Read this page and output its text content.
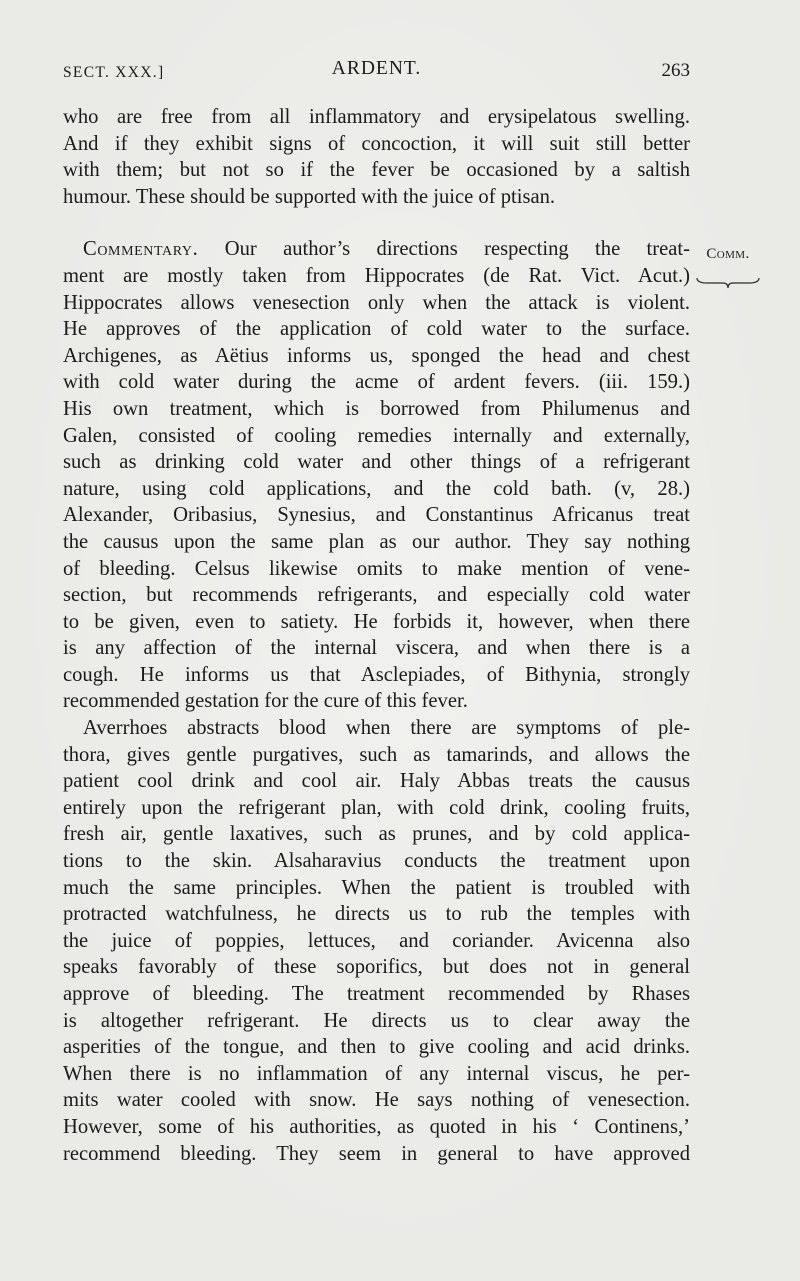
SECT. XXX.]	ARDENT.	263
Comm.
who are free from all inflammatory and erysipelatous swelling.
And if they exhibit signs of concoction, it will suit still better
with them; but not so if the fever be occasioned by a saltish
humour. These should be supported with the juice of ptisan.
Commentary. Our author’s directions respecting the treat-
ment are mostly taken from Hippocrates (de Rat. Vict. Acut.)
Hippocrates allows venesection only when the attack is violent.
He approves of the application of cold water to the surface.
Archigenes, as Aëtius informs us, sponged the head and chest
with cold water during the acme of ardent fevers. (iii. 159.)
His own treatment, which is borrowed from Philumenus and
Galen, consisted of cooling remedies internally and externally,
such as drinking cold water and other things of a refrigerant
nature, using cold applications, and the cold bath. (v, 28.)
Alexander, Oribasius, Synesius, and Constantinus Africanus treat
the causus upon the same plan as our author. They say nothing
of bleeding. Celsus likewise omits to make mention of vene-
section, but recommends refrigerants, and especially cold water
to be given, even to satiety. He forbids it, however, when there
is any affection of the internal viscera, and when there is a
cough. He informs us that Asclepiades, of Bithynia, strongly
recommended gestation for the cure of this fever.
Averrhoes abstracts blood when there are symptoms of ple-
thora, gives gentle purgatives, such as tamarinds, and allows the
patient cool drink and cool air. Haly Abbas treats the causus
entirely upon the refrigerant plan, with cold drink, cooling fruits,
fresh air, gentle laxatives, such as prunes, and by cold applica-
tions to the skin. Alsaharavius conducts the treatment upon
much the same principles. When the patient is troubled with
protracted watchfulness, he directs us to rub the temples with
the juice of poppies, lettuces, and coriander. Avicenna also
speaks favorably of these soporifics, but does not in general
approve of bleeding. The treatment recommended by Rhases
is altogether refrigerant. He directs us to clear away the
asperities of the tongue, and then to give cooling and acid drinks.
When there is no inflammation of any internal viscus, he per-
mits water cooled with snow. He says nothing of venesection.
However, some of his authorities, as quoted in his ‘ Continens,’
recommend bleeding. They seem in general to have approved
